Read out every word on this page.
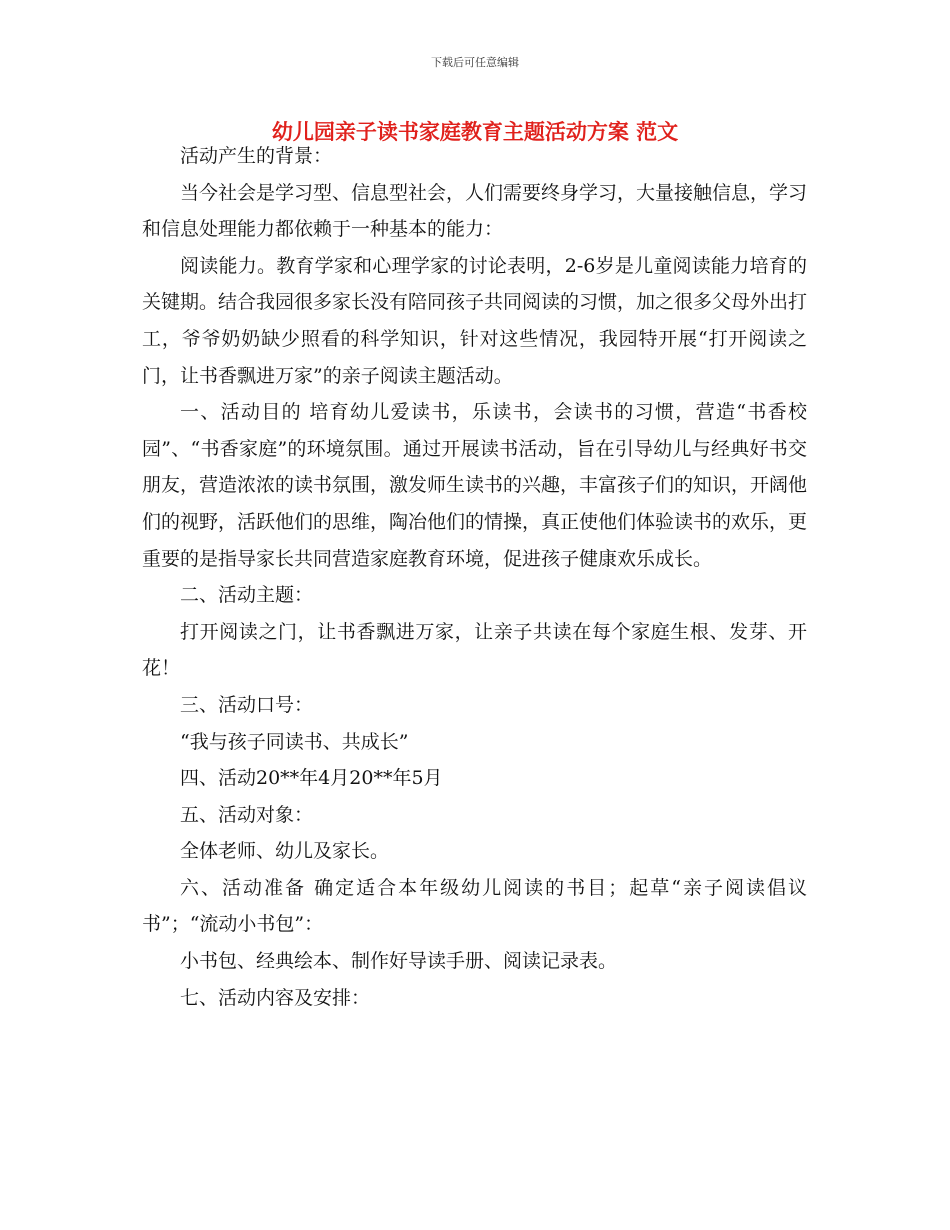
下载后可任意编辑
幼儿园亲子读书家庭教育主题活动方案 范文

活动产生的背景：

当今社会是学习型、信息型社会，人们需要终身学习，大量接触信息，学习和信息处理能力都依赖于一种基本的能力：

阅读能力。教育学家和心理学家的讨论表明，2-6岁是儿童阅读能力培育的关键期。结合我园很多家长没有陪同孩子共同阅读的习惯，加之很多父母外出打工，爷爷奶奶缺少照看的科学知识，针对这些情况，我园特开展“打开阅读之门，让书香飘进万家”的亲子阅读主题活动。

一、活动目的 培育幼儿爱读书，乐读书，会读书的习惯，营造“书香校园”、“书香家庭”的环境氛围。通过开展读书活动，旨在引导幼儿与经典好书交朋友，营造浓浓的读书氛围，激发师生读书的兴趣，丰富孩子们的知识，开阔他们的视野，活跃他们的思维，陶冶他们的情操，真正使他们体验读书的欢乐，更重要的是指导家长共同营造家庭教育环境，促进孩子健康欢乐成长。

二、活动主题：

打开阅读之门，让书香飘进万家，让亲子共读在每个家庭生根、发芽、开花！

三、活动口号：

“我与孩子同读书、共成长”

四、活动20**年4月20**年5月

五、活动对象：

全体老师、幼儿及家长。

六、活动准备 确定适合本年级幼儿阅读的书目；起草“亲子阅读倡议书”；“流动小书包”：

小书包、经典绘本、制作好导读手册、阅读记录表。

七、活动内容及安排：
